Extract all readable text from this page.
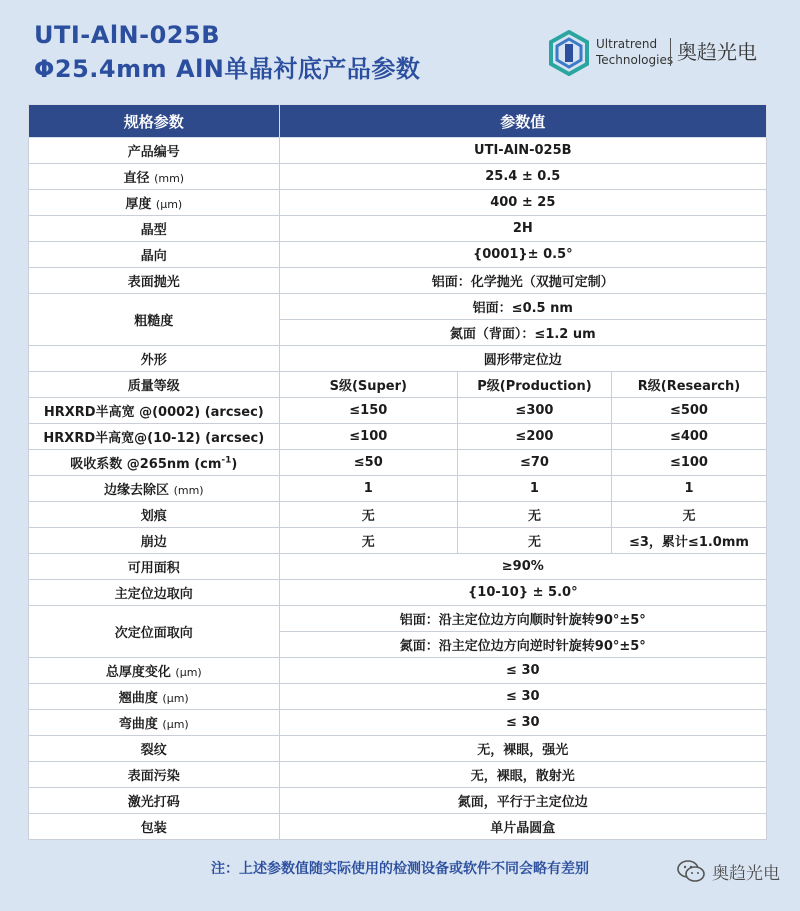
UTI-AlN-025B
Φ25.4mm AlN单晶衬底产品参数
Ultratrend
Technologies 奥趋光电
规格参数	参数值		
产品编号	UTI-AlN-025B		
直径 (mm)	25.4 ± 0.5		
厚度 (μm)	400 ± 25		
晶型	2H		
晶向	{0001}± 0.5°		
表面抛光	铝面：化学抛光（双抛可定制）		
粗糙度	铝面：≤0.5 nm		
	氮面（背面）：≤1.2 um		
外形	圆形带定位边		
质量等级	S级(Super)	P级(Production)	R级(Research)
HRXRD半高宽 @(0002) (arcsec)	≤150	≤300	≤500
HRXRD半高宽@(10-12) (arcsec)	≤100	≤200	≤400
吸收系数 @265nm $(cm^{-1})$	≤50	≤70	≤100
边缘去除区 (mm)	1	1	1
划痕	无	无	无
崩边	无	无	≤3，累计≤1.0mm
可用面积	≥90%		
主定位边取向	{10-10} ± 5.0°		
次定位面取向	铝面：沿主定位边方向顺时针旋转90°±5°		
	氮面：沿主定位边方向逆时针旋转90°±5°		
总厚度变化 (μm)	≤ 30		
翘曲度 (μm)	≤ 30		
弯曲度 (μm)	≤ 30		
裂纹	无，裸眼，强光		
表面污染	无，裸眼，散射光		
激光打码	氮面，平行于主定位边		
包装	单片晶圆盒		
注：上述参数值随实际使用的检测设备或软件不同会略有差别	奥趋光电
